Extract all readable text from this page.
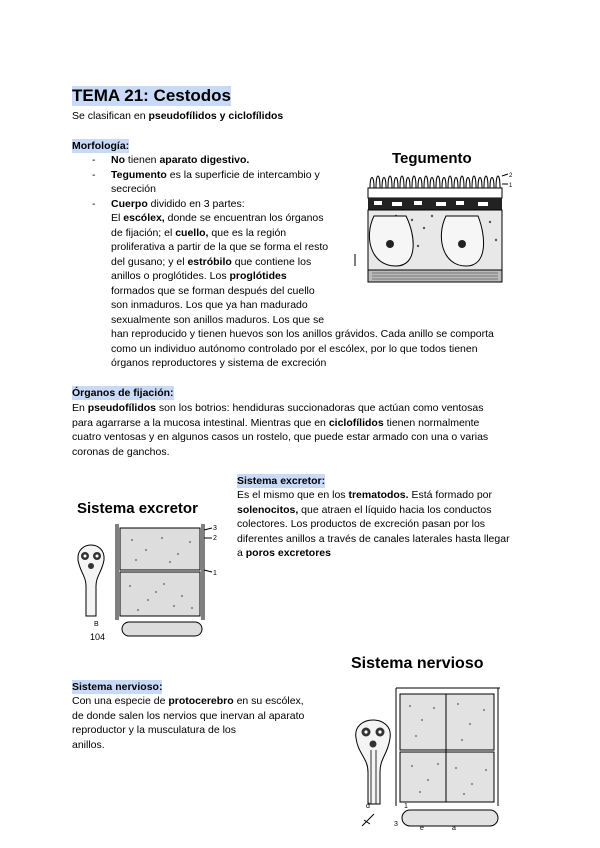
TEMA 21: Cestodos
Se clasifican en pseudofílidos y ciclofílidos
Morfología:
- No tienen aparato digestivo.
- Tegumento es la superficie de intercambio y
secreción
- Cuerpo dividido en 3 partes:
El escólex, donde se encuentran los órganos
de fijación; el cuello, que es la región
proliferativa a partir de la que se forma el resto
del gusano; y el estróbilo que contiene los
anillos o proglótides. Los proglótides
formados que se forman después del cuello
son inmaduros. Los que ya han madurado
sexualmente son anillos maduros. Los que se
han reproducido y tienen huevos son los anillos grávidos. Cada anillo se comporta
como un individuo autónomo controlado por el escólex, por lo que todos tienen
órganos reproductores y sistema de excreción
Tegumento
2
1
Órganos de fijación:
En pseudofílidos son los botrios: hendiduras succionadoras que actúan como ventosas
para agarrarse a la mucosa intestinal. Mientras que en ciclofílidos tienen normalmente
cuatro ventosas y en algunos casos un rostelo, que puede estar armado con una o varias
coronas de ganchos.
Sistema excretor
3
2
1
B
104
Sistema excretor:
Es el mismo que en los trematodos. Está formado por
solenocitos, que atraen el líquido hacia los conductos
colectores. Los productos de excreción pasan por los
diferentes anillos a través de canales laterales hasta llegar
a poros excretores
Sistema nervioso
d
3
1
e	a
Sistema nervioso:
Con una especie de protocerebro en su escólex,
de donde salen los nervios que inervan al aparato
reproductor y la musculatura de los
anillos.
